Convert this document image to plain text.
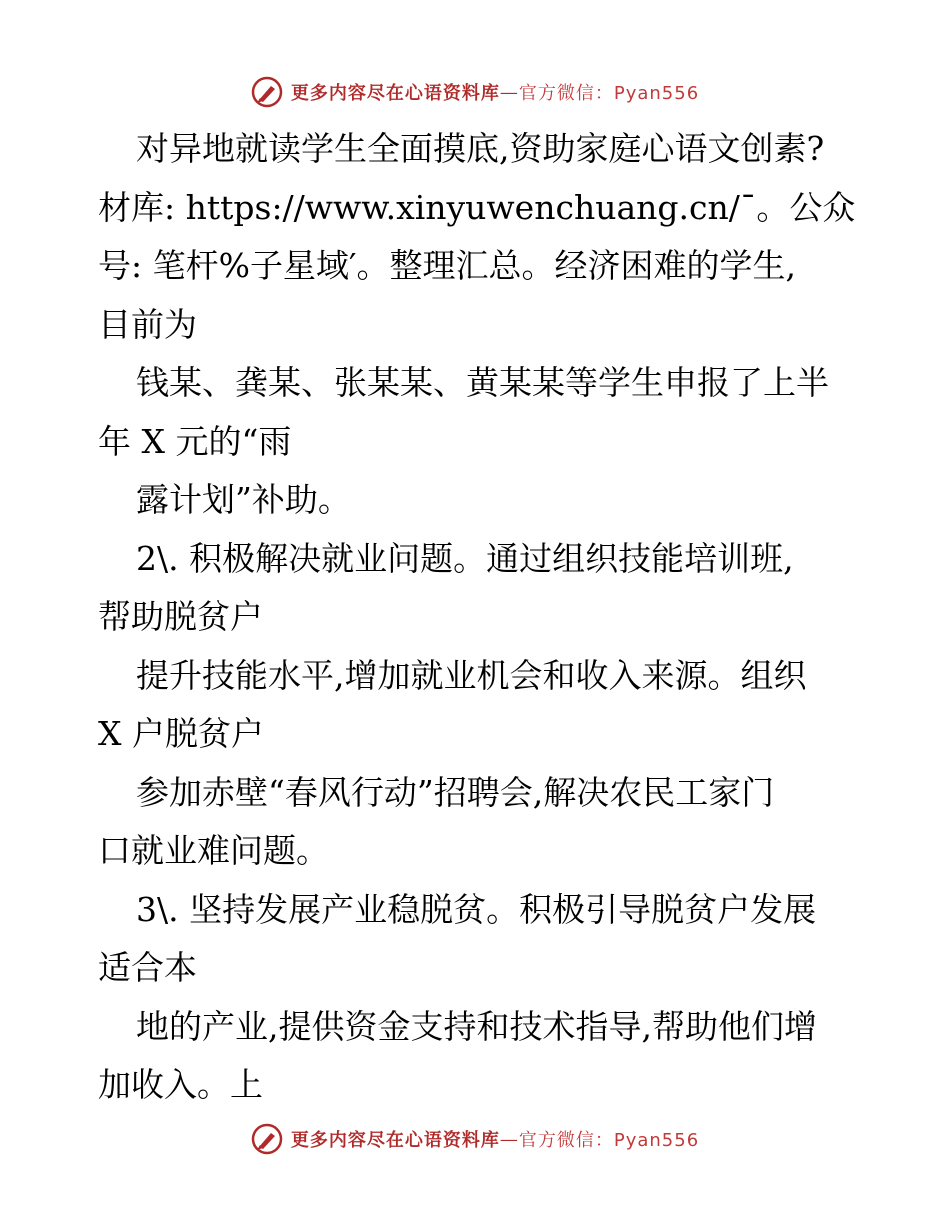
更多内容尽在心语资料库 — 官方微信：Pyan556
对异地就读学生全面摸底,资助家庭心语文创素?
材库: https://www.xinyuwenchuang.cn/¯。公众
号: 笔杆%子星域′。整理汇总。经济困难的学生,
目前为
钱某、龚某、张某某、黄某某等学生申报了上半
年 X 元的“雨
露计划”补助。
2\. 积极解决就业问题。通过组织技能培训班,
帮助脱贫户
提升技能水平,增加就业机会和收入来源。组织
X 户脱贫户
参加赤壁“春风行动”招聘会,解决农民工家门
口就业难问题。
3\. 坚持发展产业稳脱贫。积极引导脱贫户发展
适合本
地的产业,提供资金支持和技术指导,帮助他们增
加收入。上
更多内容尽在心语资料库 — 官方微信：Pyan556
